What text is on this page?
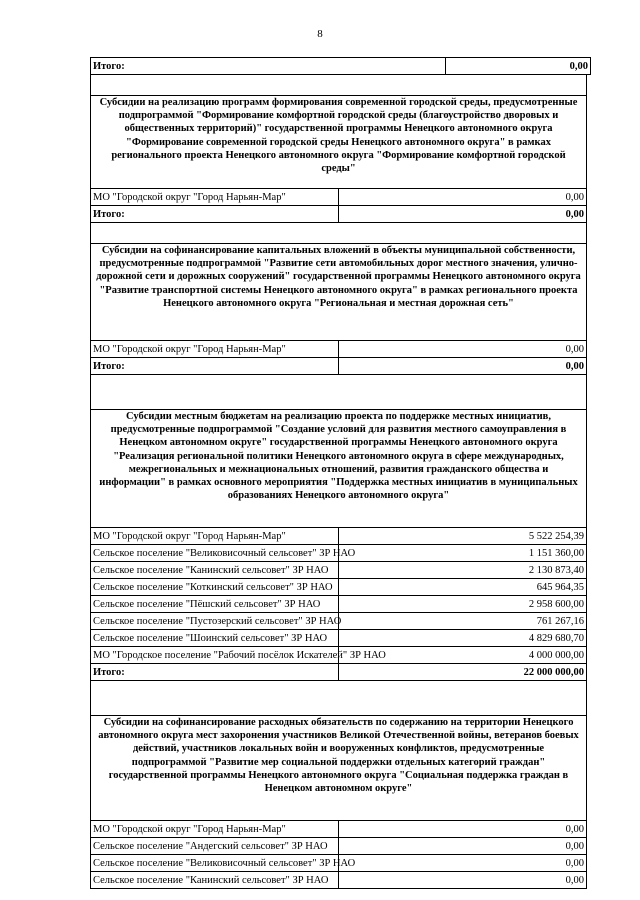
8
Итого:	0,00
Субсидии на реализацию программ формирования современной городской среды, предусмотренные подпрограммой "Формирование комфортной городской среды (благоустройство дворовых и общественных территорий)" государственной программы Ненецкого автономного округа "Формирование современной городской среды Ненецкого автономного округа" в рамках регионального проекта Ненецкого автономного округа "Формирование комфортной городской среды"	
МО "Городской округ "Город Нарьян-Мар"	0,00
Итого:	0,00
Субсидии на софинансирование капитальных вложений в объекты муниципальной собственности, предусмотренные подпрограммой "Развитие сети автомобильных дорог местного значения, улично-дорожной сети и дорожных сооружений" государственной программы Ненецкого автономного округа "Развитие транспортной системы Ненецкого автономного округа" в рамках регионального проекта Ненецкого автономного округа "Региональная и местная дорожная сеть"	
МО "Городской округ "Город Нарьян-Мар"	0,00
Итого:	0,00
Субсидии местным бюджетам на реализацию проекта по поддержке местных инициатив, предусмотренные подпрограммой "Создание условий для развития местного самоуправления в Ненецком автономном округе" государственной программы Ненецкого автономного округа "Реализация региональной политики Ненецкого автономного округа в сфере международных, межрегиональных и межнациональных отношений, развития гражданского общества и информации" в рамках основного мероприятия "Поддержка местных инициатив в муниципальных образованиях Ненецкого автономного округа"	
МО "Городской округ "Город Нарьян-Мар"	5 522 254,39
Сельское поселение "Великовисочный сельсовет" ЗР НАО	1 151 360,00
Сельское поселение "Канинский сельсовет" ЗР НАО	2 130 873,40
Сельское поселение "Коткинский сельсовет" ЗР НАО	645 964,35
Сельское поселение "Пёшский сельсовет" ЗР НАО	2 958 600,00
Сельское поселение "Пустозерский сельсовет" ЗР НАО	761 267,16
Сельское поселение "Шоинский сельсовет" ЗР НАО	4 829 680,70
МО "Городское поселение "Рабочий посёлок Искателей" ЗР НАО	4 000 000,00
Итого:	22 000 000,00
Субсидии на софинансирование расходных обязательств по содержанию на территории Ненецкого автономного округа мест захоронения участников Великой Отечественной войны, ветеранов боевых действий, участников локальных войн и вооруженных конфликтов, предусмотренные подпрограммой "Развитие мер социальной поддержки отдельных категорий граждан" государственной программы Ненецкого автономного округа "Социальная поддержка граждан в Ненецком автономном округе"	
МО "Городской округ "Город Нарьян-Мар"	0,00
Сельское поселение "Андегский сельсовет" ЗР НАО	0,00
Сельское поселение "Великовисочный сельсовет" ЗР НАО	0,00
Сельское поселение "Канинский сельсовет" ЗР НАО	0,00
